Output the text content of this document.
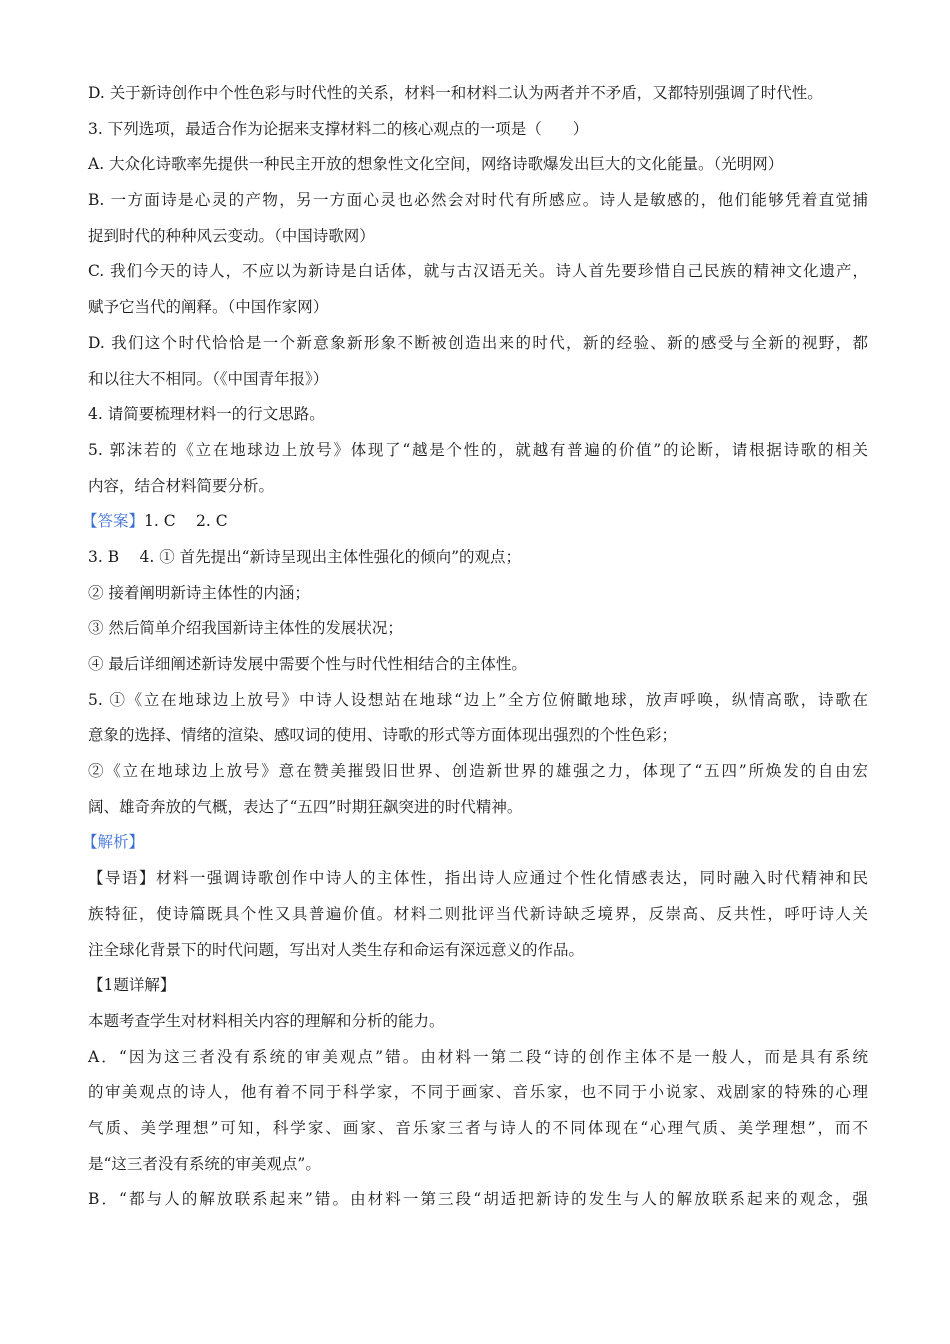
D. 关于新诗创作中个性色彩与时代性的关系，材料一和材料二认为两者并不矛盾，又都特别强调了时代性。
3. 下列选项，最适合作为论据来支撑材料二的核心观点的一项是（　　）
A. 大众化诗歌率先提供一种民主开放的想象性文化空间，网络诗歌爆发出巨大的文化能量。（光明网）
B. 一方面诗是心灵的产物，另一方面心灵也必然会对时代有所感应。诗人是敏感的，他们能够凭着直觉捕
捉到时代的种种风云变动。（中国诗歌网）
C. 我们今天的诗人，不应以为新诗是白话体，就与古汉语无关。诗人首先要珍惜自己民族的精神文化遗产，
赋予它当代的阐释。（中国作家网）
D. 我们这个时代恰恰是一个新意象新形象不断被创造出来的时代，新的经验、新的感受与全新的视野，都
和以往大不相同。（《中国青年报》）
4. 请简要梳理材料一的行文思路。
5. 郭沫若的《立在地球边上放号》体现了“越是个性的，就越有普遍的价值”的论断，请根据诗歌的相关
内容，结合材料简要分析。
【答案】1. C　 2. C
3. B　 4. ① 首先提出“新诗呈现出主体性强化的倾向”的观点；
② 接着阐明新诗主体性的内涵；
③ 然后简单介绍我国新诗主体性的发展状况；
④ 最后详细阐述新诗发展中需要个性与时代性相结合的主体性。
5. ①《立在地球边上放号》中诗人设想站在地球“边上”全方位俯瞰地球，放声呼唤，纵情高歌，诗歌在
意象的选择、情绪的渲染、感叹词的使用、诗歌的形式等方面体现出强烈的个性色彩；
②《立在地球边上放号》意在赞美摧毁旧世界、创造新世界的雄强之力，体现了“五四”所焕发的自由宏
阔、雄奇奔放的气概，表达了“五四”时期狂飙突进的时代精神。
【解析】
【导语】材料一强调诗歌创作中诗人的主体性，指出诗人应通过个性化情感表达，同时融入时代精神和民
族特征，使诗篇既具个性又具普遍价值。材料二则批评当代新诗缺乏境界，反崇高、反共性，呼吁诗人关
注全球化背景下的时代问题，写出对人类生存和命运有深远意义的作品。
【1题详解】
本题考查学生对材料相关内容的理解和分析的能力。
A．“因为这三者没有系统的审美观点”错。由材料一第二段“诗的创作主体不是一般人，而是具有系统
的审美观点的诗人，他有着不同于科学家，不同于画家、音乐家，也不同于小说家、戏剧家的特殊的心理
气质、美学理想”可知，科学家、画家、音乐家三者与诗人的不同体现在“心理气质、美学理想”，而不
是“这三者没有系统的审美观点”。
B．“都与人的解放联系起来”错。由材料一第三段“胡适把新诗的发生与人的解放联系起来的观念，强
